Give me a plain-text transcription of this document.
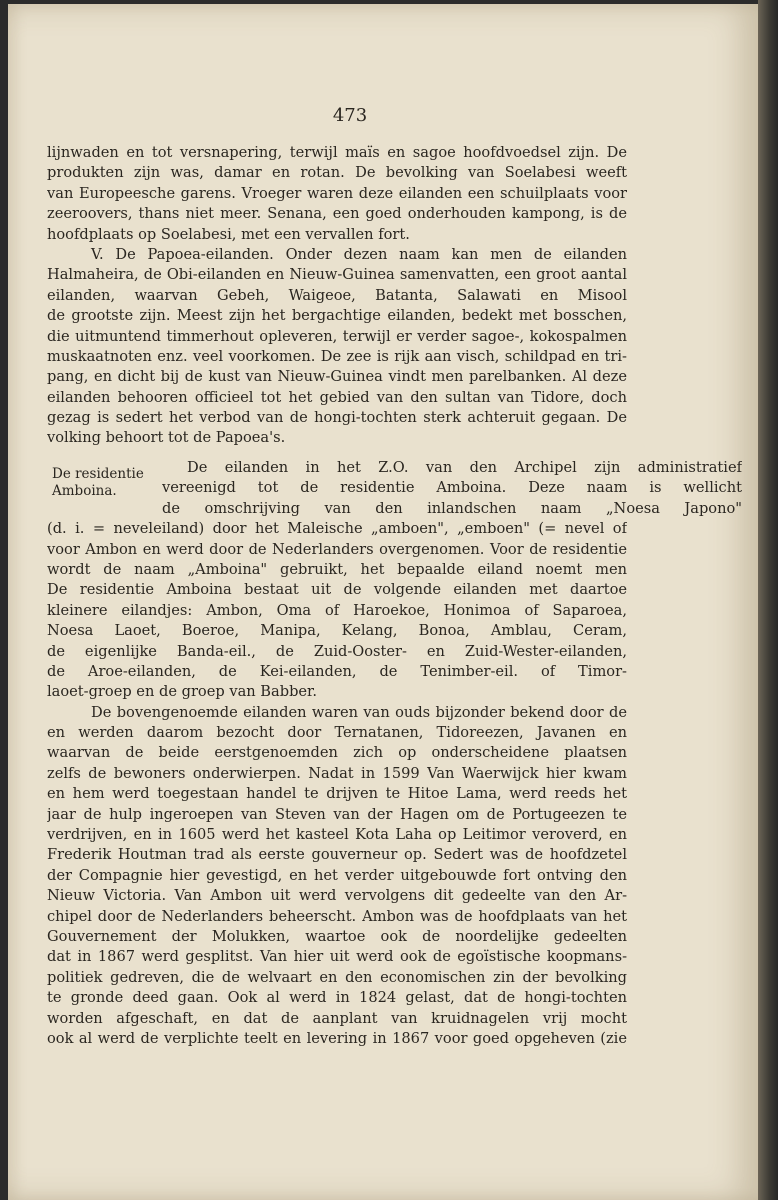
473
lijnwaden en tot versnapering, terwijl maïs en sagoe hoofdvoedsel zijn. De
produkten zijn was, damar en rotan. De bevolking van Soelabesi weeft
van Europeesche garens. Vroeger waren deze eilanden een schuilplaats voor
zeeroovers, thans niet meer. Senana, een goed onderhouden kampong, is de
hoofdplaats op Soelabesi, met een vervallen fort.
V. De Papoea-eilanden. Onder dezen naam kan men de eilanden
Halmaheira, de Obi-eilanden en Nieuw-Guinea samenvatten, een groot aantal
eilanden, waarvan Gebeh, Waigeoe, Batanta, Salawati en Misool
de grootste zijn. Meest zijn het bergachtige eilanden, bedekt met bosschen,
die uitmuntend timmerhout opleveren, terwijl er verder sagoe-, kokospalmen
muskaatnoten enz. veel voorkomen. De zee is rijk aan visch, schildpad en tri-
pang, en dicht bij de kust van Nieuw-Guinea vindt men parelbanken. Al deze
eilanden behooren officieel tot het gebied van den sultan van Tidore, doch
gezag is sedert het verbod van de hongi-tochten sterk achteruit gegaan. De
volking behoort tot de Papoea's.
De residentie
Amboina.
De eilanden in het Z.O. van den Archipel zijn administratief
vereenigd tot de residentie Amboina. Deze naam is wellicht
de omschrijving van den inlandschen naam „Noesa Japono"
(d. i. = neveleiland) door het Maleische „amboen", „emboen" (= nevel of
voor Ambon en werd door de Nederlanders overgenomen. Voor de residentie
wordt de naam „Amboina" gebruikt, het bepaalde eiland noemt men
De residentie Amboina bestaat uit de volgende eilanden met daartoe
kleinere eilandjes: Ambon, Oma of Haroekoe, Honimoa of Saparoea,
Noesa Laoet, Boeroe, Manipa, Kelang, Bonoa, Amblau, Ceram,
de eigenlijke Banda-eil., de Zuid-Ooster- en Zuid-Wester-eilanden,
de Aroe-eilanden, de Kei-eilanden, de Tenimber-eil. of Timor-
laoet-groep en de groep van Babber.
De bovengenoemde eilanden waren van ouds bijzonder bekend door de
en werden daarom bezocht door Ternatanen, Tidoreezen, Javanen en
waarvan de beide eerstgenoemden zich op onderscheidene plaatsen
zelfs de bewoners onderwierpen. Nadat in 1599 Van Waerwijck hier kwam
en hem werd toegestaan handel te drijven te Hitoe Lama, werd reeds het
jaar de hulp ingeroepen van Steven van der Hagen om de Portugeezen te
verdrijven, en in 1605 werd het kasteel Kota Laha op Leitimor veroverd, en
Frederik Houtman trad als eerste gouverneur op. Sedert was de hoofdzetel
der Compagnie hier gevestigd, en het verder uitgebouwde fort ontving den
Nieuw Victoria. Van Ambon uit werd vervolgens dit gedeelte van den Ar-
chipel door de Nederlanders beheerscht. Ambon was de hoofdplaats van het
Gouvernement der Molukken, waartoe ook de noordelijke gedeelten
dat in 1867 werd gesplitst. Van hier uit werd ook de egoïstische koopmans-
politiek gedreven, die de welvaart en den economischen zin der bevolking
te gronde deed gaan. Ook al werd in 1824 gelast, dat de hongi-tochten
worden afgeschaft, en dat de aanplant van kruidnagelen vrij mocht
ook al werd de verplichte teelt en levering in 1867 voor goed opgeheven (zie
